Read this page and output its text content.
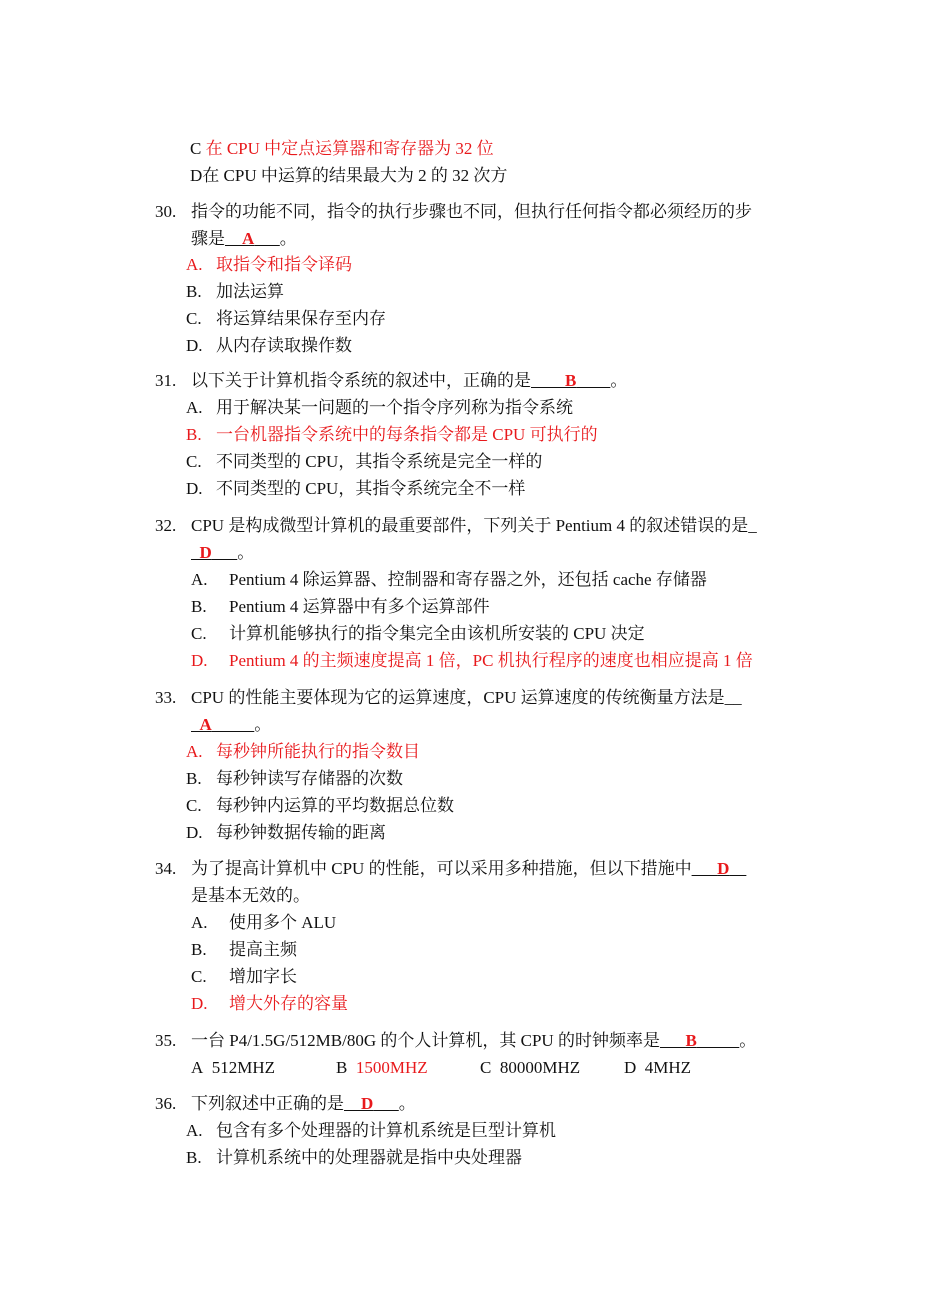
C 在 CPU 中定点运算器和寄存器为 32 位
D在 CPU 中运算的结果最大为 2 的 32 次方
30. 指令的功能不同，指令的执行步骤也不同，但执行任何指令都必须经历的步
骤是 A 。
A. 取指令和指令译码
B. 加法运算
C. 将运算结果保存至内存
D. 从内存读取操作数
31. 以下关于计算机指令系统的叙述中，正确的是 B 。
A. 用于解决某一问题的一个指令序列称为指令系统
B. 一台机器指令系统中的每条指令都是 CPU 可执行的
C. 不同类型的 CPU，其指令系统是完全一样的
D. 不同类型的 CPU，其指令系统完全不一样
32. CPU 是构成微型计算机的最重要部件，下列关于 Pentium 4 的叙述错误的是_
D 。
A. Pentium 4 除运算器、控制器和寄存器之外，还包括 cache 存储器
B. Pentium 4 运算器中有多个运算部件
C. 计算机能够执行的指令集完全由该机所安装的 CPU 决定
D. Pentium 4 的主频速度提高 1 倍，PC 机执行程序的速度也相应提高 1 倍
33. CPU 的性能主要体现为它的运算速度，CPU 运算速度的传统衡量方法是__
A	。
A. 每秒钟所能执行的指令数目
B. 每秒钟读写存储器的次数
C. 每秒钟内运算的平均数据总位数
D. 每秒钟数据传输的距离
34. 为了提高计算机中 CPU 的性能，可以采用多种措施，但以下措施中 D
是基本无效的。
A. 使用多个 ALU
B. 提高主频
C. 增加字长
D. 增大外存的容量
35. 一台 P4/1.5G/512MB/80G 的个人计算机，其 CPU 的时钟频率是 B	。
A 512MHZ	B 1500MHZ	C 80000MHZ	D 4MHZ
36. 下列叙述中正确的是 D 。
A. 包含有多个处理器的计算机系统是巨型计算机
B. 计算机系统中的处理器就是指中央处理器
